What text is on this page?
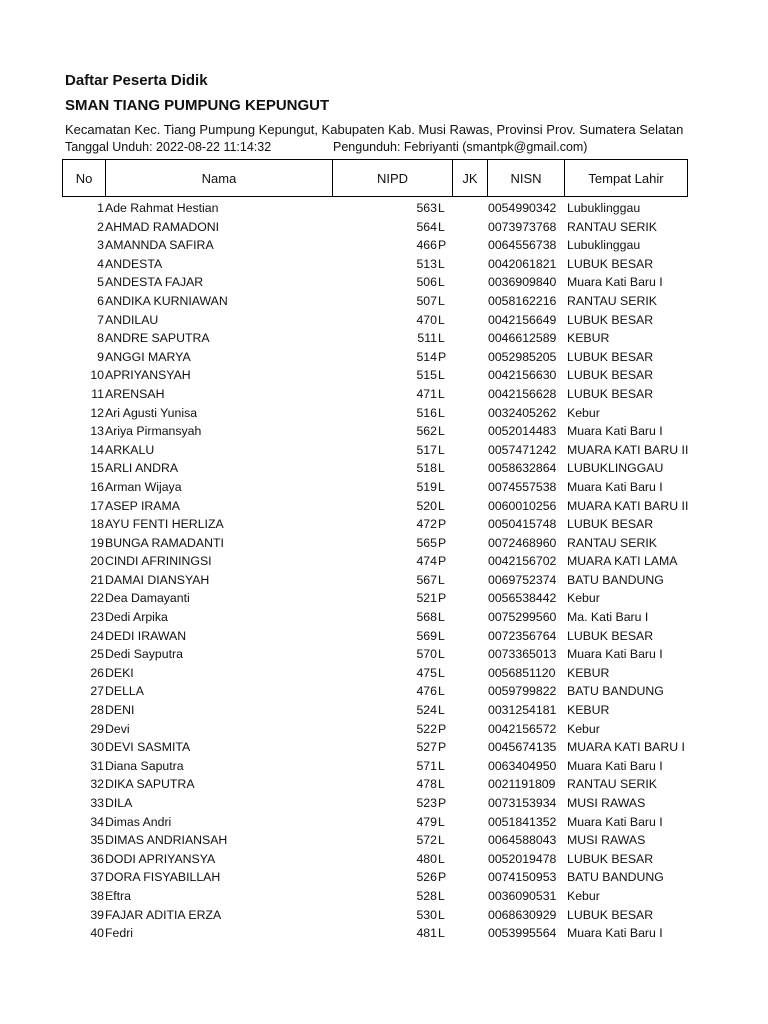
Daftar Peserta Didik
SMAN TIANG PUMPUNG KEPUNGUT
Kecamatan Kec. Tiang Pumpung Kepungut, Kabupaten Kab. Musi Rawas, Provinsi Prov. Sumatera Selatan
Tanggal Unduh: 2022-08-22 11:14:32	Pengunduh: Febriyanti (smantpk@gmail.com)
No	Nama	NIPD	JK	NISN	Tempat Lahir
1 Ade Rahmat Hestian	563 L	0054990342 Lubuklinggau
2 AHMAD RAMADONI	564 L	0073973768 RANTAU SERIK
3 AMANNDA SAFIRA	466 P	0064556738 Lubuklinggau
4 ANDESTA	513 L	0042061821 LUBUK BESAR
5 ANDESTA FAJAR	506 L	0036909840 Muara Kati Baru I
6 ANDIKA KURNIAWAN	507 L	0058162216 RANTAU SERIK
7 ANDILAU	470 L	0042156649 LUBUK BESAR
8 ANDRE SAPUTRA	511 L	0046612589 KEBUR
9 ANGGI MARYA	514 P	0052985205 LUBUK BESAR
10 APRIYANSYAH	515 L	0042156630 LUBUK BESAR
11 ARENSAH	471 L	0042156628 LUBUK BESAR
12 Ari Agusti Yunisa	516 L	0032405262 Kebur
13 Ariya Pirmansyah	562 L	0052014483 Muara Kati Baru I
14 ARKALU	517 L	0057471242 MUARA KATI BARU II
15 ARLI ANDRA	518 L	0058632864 LUBUKLINGGAU
16 Arman Wijaya	519 L	0074557538 Muara Kati Baru I
17 ASEP IRAMA	520 L	0060010256 MUARA KATI BARU II
18 AYU FENTI HERLIZA	472 P	0050415748 LUBUK BESAR
19 BUNGA RAMADANTI	565 P	0072468960 RANTAU SERIK
20 CINDI AFRININGSI	474 P	0042156702 MUARA KATI LAMA
21 DAMAI DIANSYAH	567 L	0069752374 BATU BANDUNG
22 Dea Damayanti	521 P	0056538442 Kebur
23 Dedi Arpika	568 L	0075299560 Ma. Kati Baru I
24 DEDI IRAWAN	569 L	0072356764 LUBUK BESAR
25 Dedi Sayputra	570 L	0073365013 Muara Kati Baru I
26 DEKI	475 L	0056851120 KEBUR
27 DELLA	476 L	0059799822 BATU BANDUNG
28 DENI	524 L	0031254181 KEBUR
29 Devi	522 P	0042156572 Kebur
30 DEVI SASMITA	527 P	0045674135 MUARA KATI BARU I
31 Diana Saputra	571 L	0063404950 Muara Kati Baru I
32 DIKA SAPUTRA	478 L	0021191809 RANTAU SERIK
33 DILA	523 P	0073153934 MUSI RAWAS
34 Dimas Andri	479 L	0051841352 Muara Kati Baru I
35 DIMAS ANDRIANSAH	572 L	0064588043 MUSI RAWAS
36 DODI APRIYANSYA	480 L	0052019478 LUBUK BESAR
37 DORA FISYABILLAH	526 P	0074150953 BATU BANDUNG
38 Eftra	528 L	0036090531 Kebur
39 FAJAR ADITIA ERZA	530 L	0068630929 LUBUK BESAR
40 Fedri	481 L	0053995564 Muara Kati Baru I
